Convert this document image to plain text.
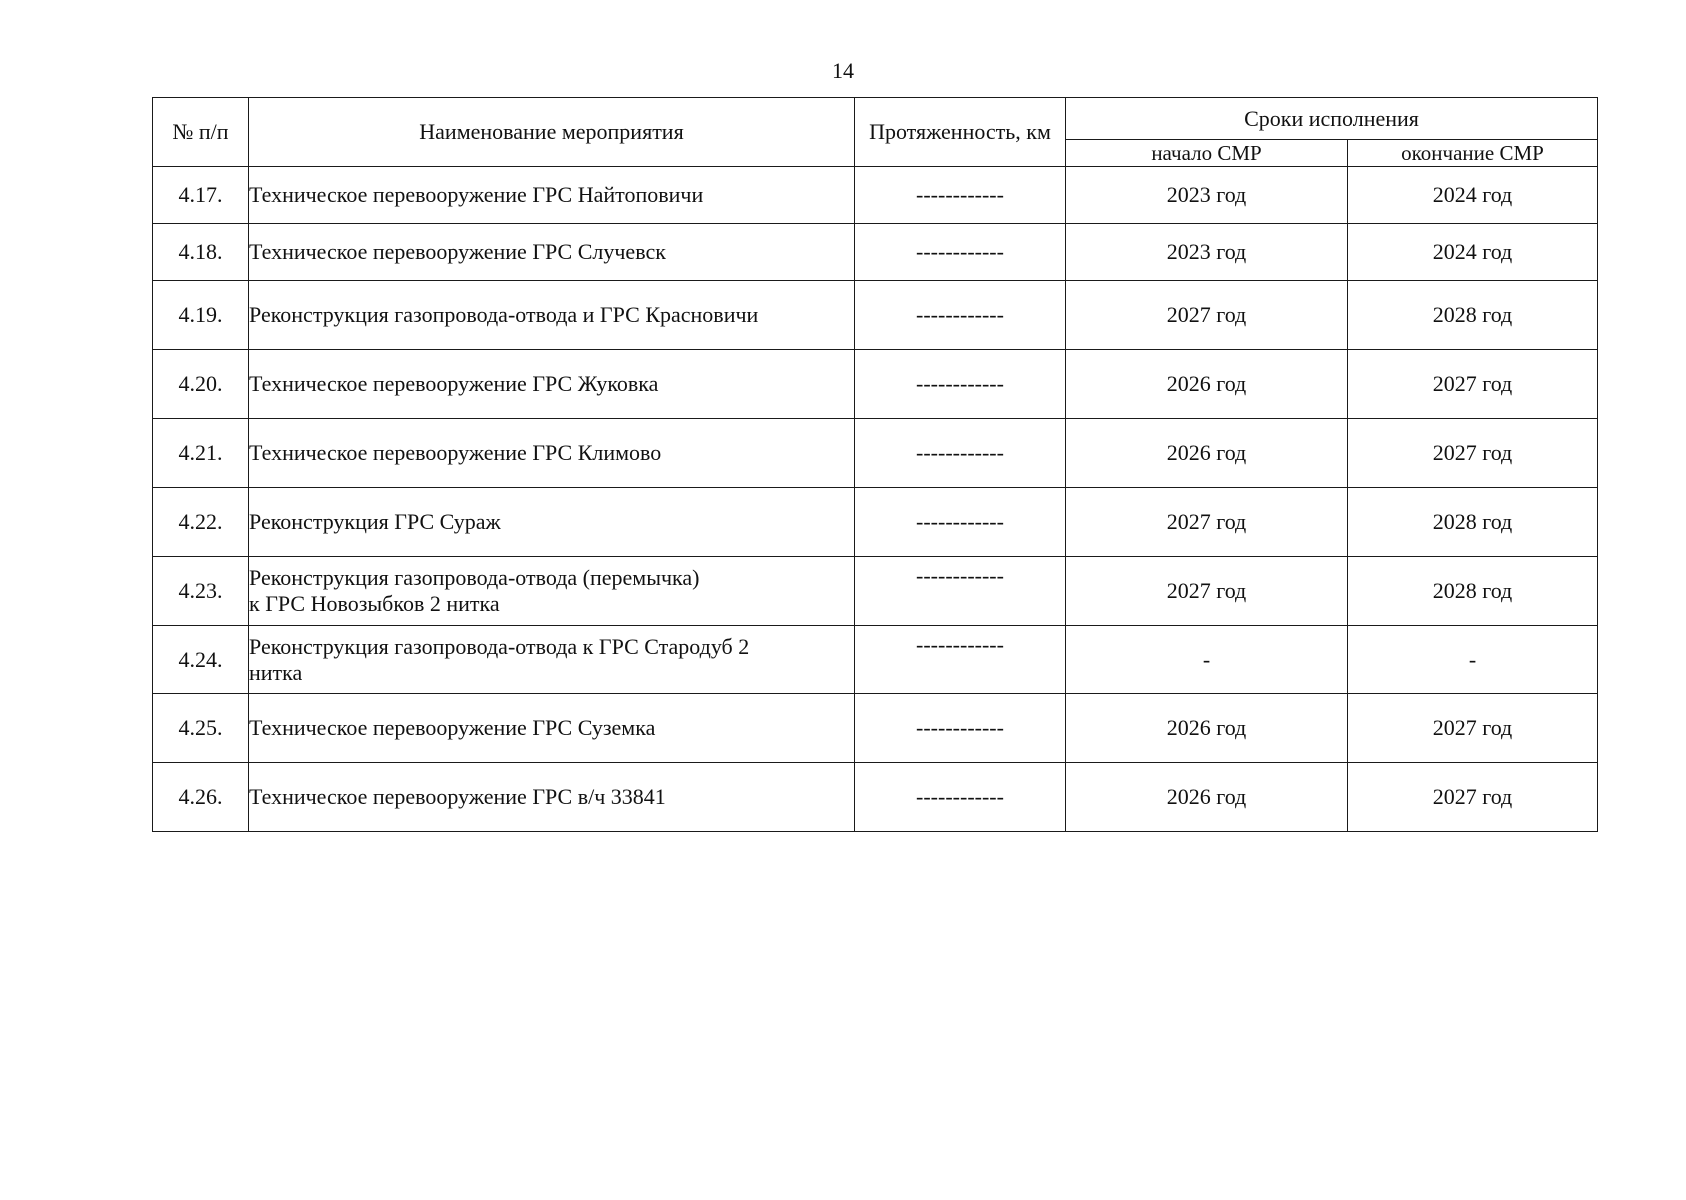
14
№ п/п	Наименование мероприятия	Протяженность, км	Сроки исполнения	
			начало СМР	окончание СМР
4.17.	Техническое перевооружение ГРС Найтоповичи	------------	2023 год	2024 год
4.18.	Техническое перевооружение ГРС Случевск	------------	2023 год	2024 год
4.19.	Реконструкция газопровода-отвода и ГРС Красновичи	------------	2027 год	2028 год
4.20.	Техническое перевооружение ГРС Жуковка	------------	2026 год	2027 год
4.21.	Техническое перевооружение ГРС Климово	------------	2026 год	2027 год
4.22.	Реконструкция ГРС Сураж	------------	2027 год	2028 год
4.23.	Реконструкция газопровода-отвода (перемычка)
к ГРС Новозыбков 2 нитка	------------	2027 год	2028 год
4.24.	Реконструкция газопровода-отвода к ГРС Стародуб 2
нитка	------------	-	-
4.25.	Техническое перевооружение ГРС Суземка	------------	2026 год	2027 год
4.26.	Техническое перевооружение ГРС в/ч 33841	------------	2026 год	2027 год
